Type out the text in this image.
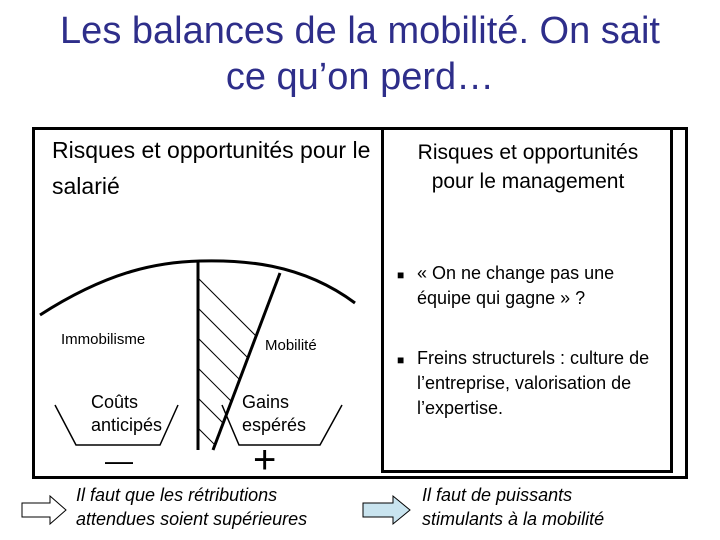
Les balances de la mobilité. On sait
ce qu’on perd…
Risques et opportunités pour le salarié
Risques et opportunités pour le management
■ « On ne change pas une équipe qui gagne » ?
■ Freins structurels : culture de l’entreprise, valorisation de l’expertise.
Immobilisme	Mobilité
Coûts
anticipés
Gains
espérés
—	+
Il faut que les rétributions
attendues soient supérieures
Il faut de puissants
stimulants à la mobilité
